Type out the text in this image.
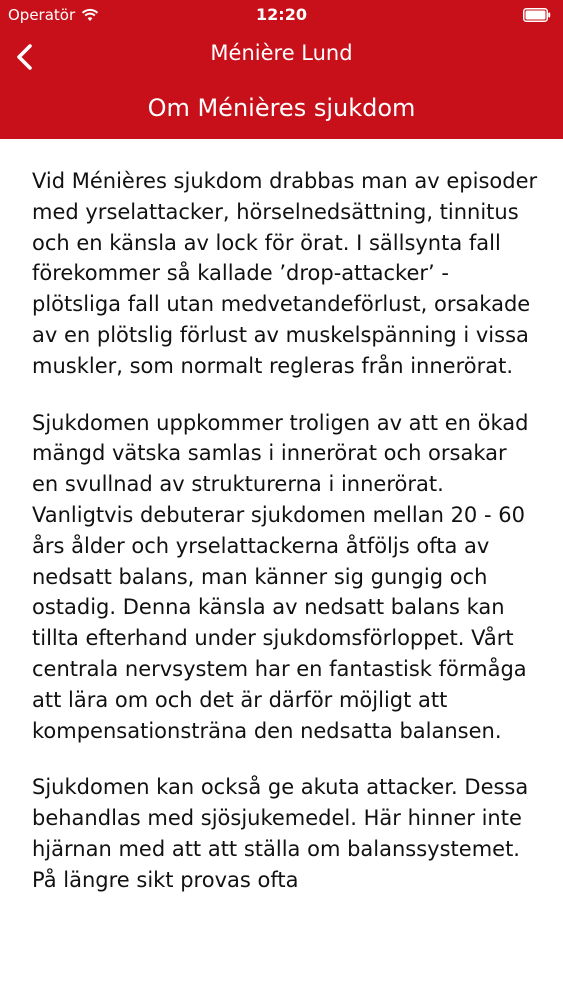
Operatör	12:20
Ménière Lund
Om Ménières sjukdom

Vid Ménières sjukdom drabbas man av episoder med yrselattacker, hörselnedsättning, tinnitus och en känsla av lock för örat. I sällsynta fall förekommer så kallade ’drop-attacker’ - plötsliga fall utan medvetandeförlust, orsakade av en plötslig förlust av muskelspänning i vissa muskler, som normalt regleras från innerörat.

Sjukdomen uppkommer troligen av att en ökad mängd vätska samlas i innerörat och orsakar en svullnad av strukturerna i innerörat. Vanligtvis debuterar sjukdomen mellan 20 - 60 års ålder och yrselattackerna åtföljs ofta av nedsatt balans, man känner sig gungig och ostadig. Denna känsla av nedsatt balans kan tillta efterhand under sjukdomsförloppet. Vårt centrala nervsystem har en fantastisk förmåga att lära om och det är därför möjligt att kompensationsträna den nedsatta balansen.

Sjukdomen kan också ge akuta attacker. Dessa behandlas med sjösjukemedel. Här hinner inte hjärnan med att att ställa om balanssystemet. På längre sikt provas ofta
